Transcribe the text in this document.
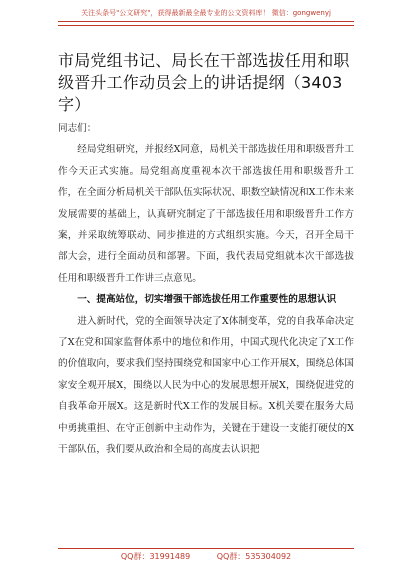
关注头条号"公文研究"，获得最新最全最专业的公文资料库！ 微信：gongwenyj
市局党组书记、局长在干部选拔任用和职级晋升工作动员会上的讲话提纲（3403字）

同志们：

经局党组研究，并报经X同意，局机关干部选拔任用和职级晋升工作今天正式实施。局党组高度重视本次干部选拔任用和职级晋升工作，在全面分析局机关干部队伍实际状况、职数空缺情况和X工作未来发展需要的基础上，认真研究制定了干部选拔任用和职级晋升工作方案，并采取统筹联动、同步推进的方式组织实施。今天，召开全局干部大会，进行全面动员和部署。下面，我代表局党组就本次干部选拔任用和职级晋升工作讲三点意见。

一、提高站位，切实增强干部选拔任用工作重要性的思想认识

进入新时代，党的全面领导决定了X体制变革，党的自我革命决定了X在党和国家监督体系中的地位和作用，中国式现代化决定了X工作的价值取向，要求我们坚持围绕党和国家中心工作开展X，围绕总体国家安全观开展X，围绕以人民为中心的发展思想开展X，围绕促进党的自我革命开展X。这是新时代X工作的发展目标。X机关要在服务大局中勇挑重担、在守正创新中主动作为，关键在于建设一支能打硬仗的X干部队伍，我们要从政治和全局的高度去认识把

QQ群：31991489	QQ群：535304092
